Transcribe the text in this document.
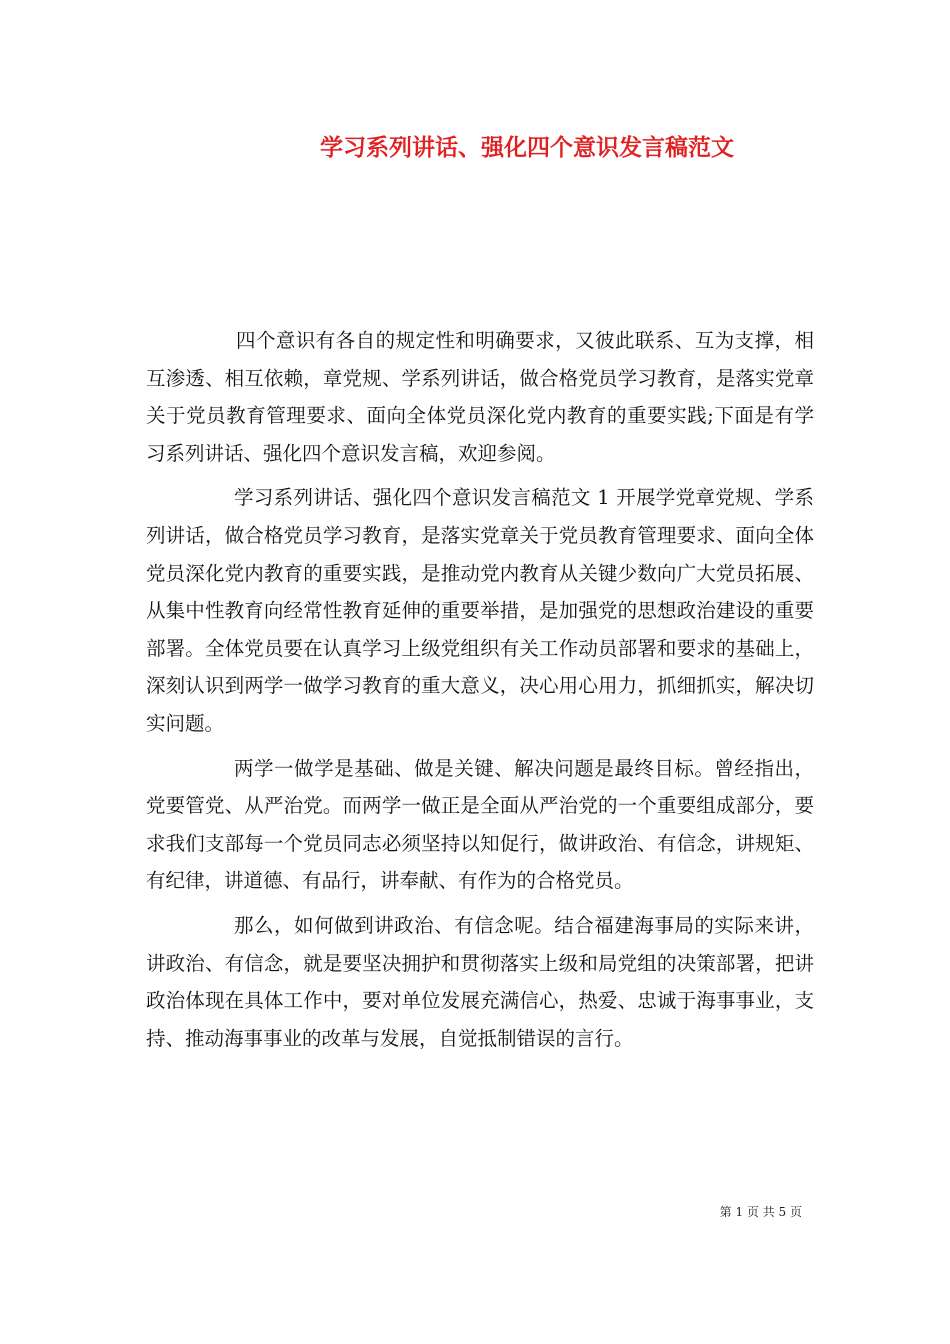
学习系列讲话、强化四个意识发言稿范文

四个意识有各自的规定性和明确要求，又彼此联系、互为支撑，相互渗透、相互依赖，章党规、学系列讲话，做合格党员学习教育，是落实党章关于党员教育管理要求、面向全体党员深化党内教育的重要实践;下面是有学习系列讲话、强化四个意识发言稿，欢迎参阅。

学习系列讲话、强化四个意识发言稿范文 1 开展学党章党规、学系列讲话，做合格党员学习教育，是落实党章关于党员教育管理要求、面向全体党员深化党内教育的重要实践，是推动党内教育从关键少数向广大党员拓展、从集中性教育向经常性教育延伸的重要举措，是加强党的思想政治建设的重要部署。全体党员要在认真学习上级党组织有关工作动员部署和要求的基础上，深刻认识到两学一做学习教育的重大意义，决心用心用力，抓细抓实，解决切实问题。

两学一做学是基础、做是关键、解决问题是最终目标。曾经指出，党要管党、从严治党。而两学一做正是全面从严治党的一个重要组成部分，要求我们支部每一个党员同志必须坚持以知促行，做讲政治、有信念，讲规矩、有纪律，讲道德、有品行，讲奉献、有作为的合格党员。

那么，如何做到讲政治、有信念呢。结合福建海事局的实际来讲，讲政治、有信念，就是要坚决拥护和贯彻落实上级和局党组的决策部署，把讲政治体现在具体工作中，要对单位发展充满信心，热爱、忠诚于海事事业，支持、推动海事事业的改革与发展，自觉抵制错误的言行。

第 1 页 共 5 页
